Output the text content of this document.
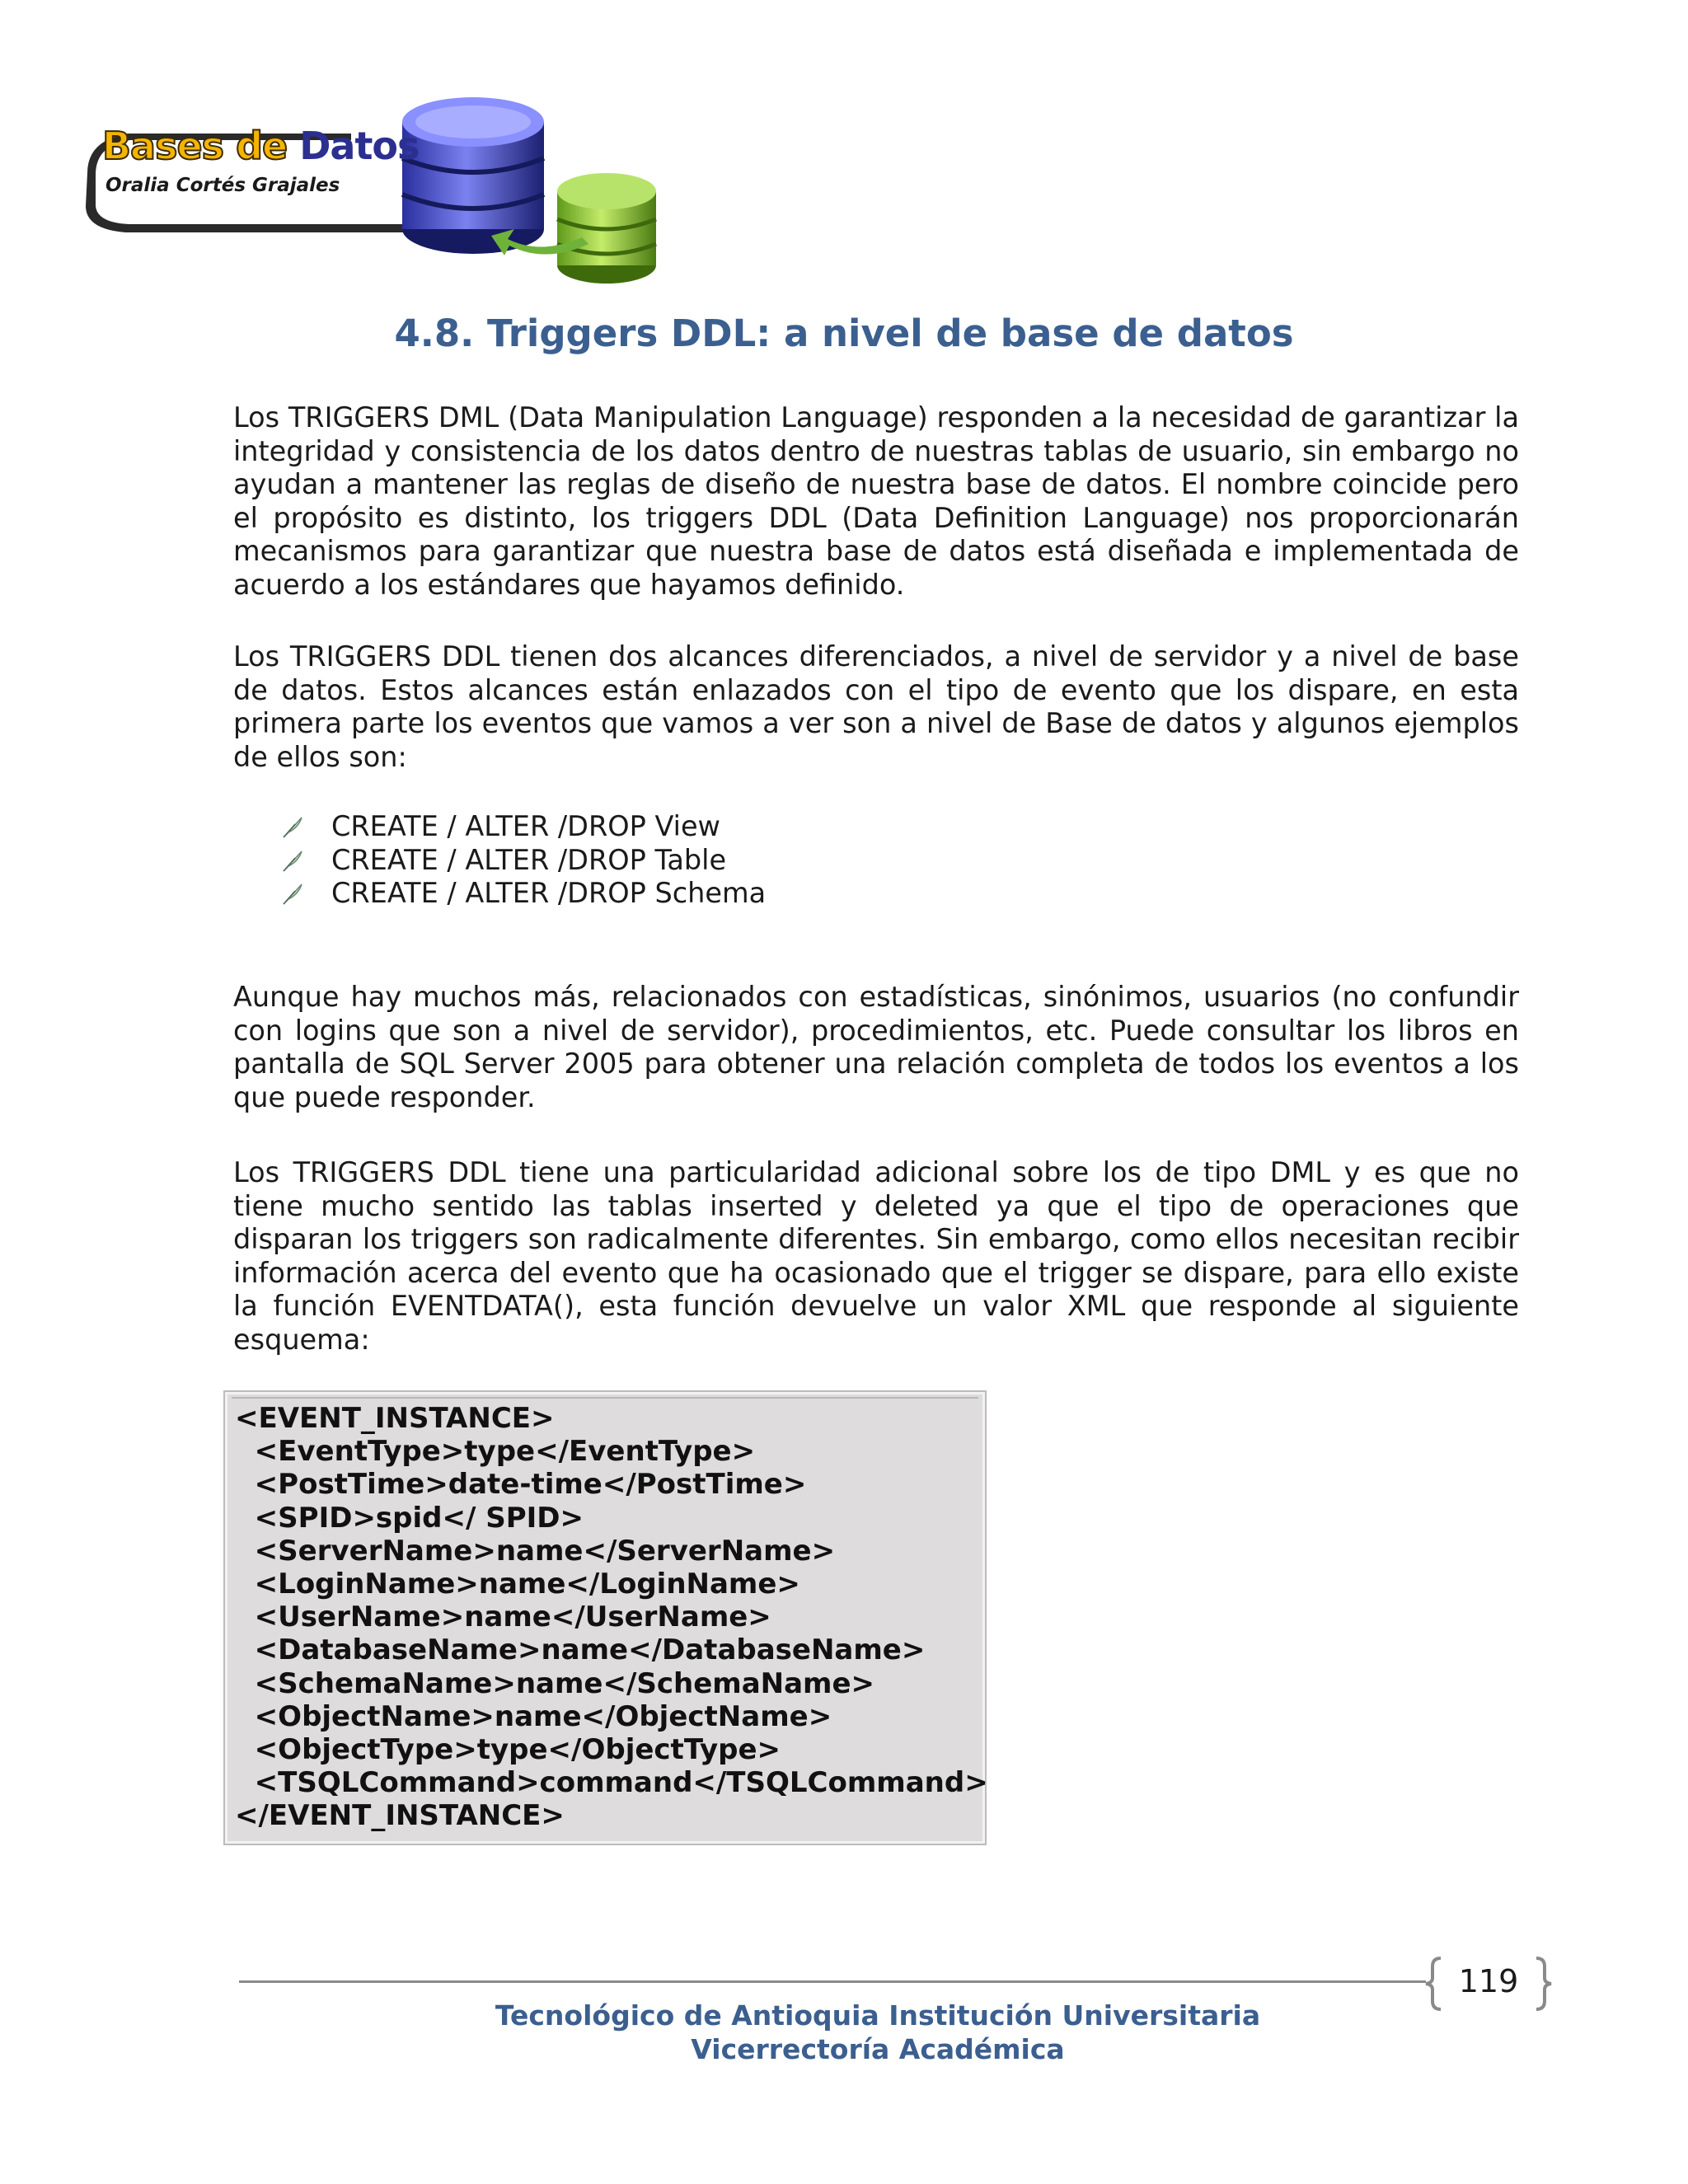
Bases de Datos
Oralia Cortés Grajales
4.8. Triggers DDL: a nivel de base de datos

Los TRIGGERS DML (Data Manipulation Language) responden a la necesidad de garantizar la integridad y consistencia de los datos dentro de nuestras tablas de usuario, sin embargo no ayudan a mantener las reglas de diseño de nuestra base de datos. El nombre coincide pero el propósito es distinto, los triggers DDL (Data Definition Language) nos proporcionarán mecanismos para garantizar que nuestra base de datos está diseñada e implementada de acuerdo a los estándares que hayamos definido.

Los TRIGGERS DDL tienen dos alcances diferenciados, a nivel de servidor y a nivel de base de datos. Estos alcances están enlazados con el tipo de evento que los dispare, en esta primera parte los eventos que vamos a ver son a nivel de Base de datos y algunos ejemplos de ellos son:

CREATE / ALTER /DROP View
CREATE / ALTER /DROP Table
CREATE / ALTER /DROP Schema

Aunque hay muchos más, relacionados con estadísticas, sinónimos, usuarios (no confundir con logins que son a nivel de servidor), procedimientos, etc. Puede consultar los libros en pantalla de SQL Server 2005 para obtener una relación completa de todos los eventos a los que puede responder.

Los TRIGGERS DDL tiene una particularidad adicional sobre los de tipo DML y es que no tiene mucho sentido las tablas inserted y deleted ya que el tipo de operaciones que disparan los triggers son radicalmente diferentes. Sin embargo, como ellos necesitan recibir información acerca del evento que ha ocasionado que el trigger se dispare, para ello existe la función EVENTDATA(), esta función devuelve un valor XML que responde al siguiente esquema:

<EVENT_INSTANCE>
<EventType>type</EventType>
<PostTime>date-time</PostTime>
<SPID>spid</ SPID>
<ServerName>name</ServerName>
<LoginName>name</LoginName>
<UserName>name</UserName>
<DatabaseName>name</DatabaseName>
<SchemaName>name</SchemaName>
<ObjectName>name</ObjectName>
<ObjectType>type</ObjectType>
<TSQLCommand>command</TSQLCommand>
</EVENT_INSTANCE>
119
Tecnológico de Antioquia Institución Universitaria
Vicerrectoría Académica
